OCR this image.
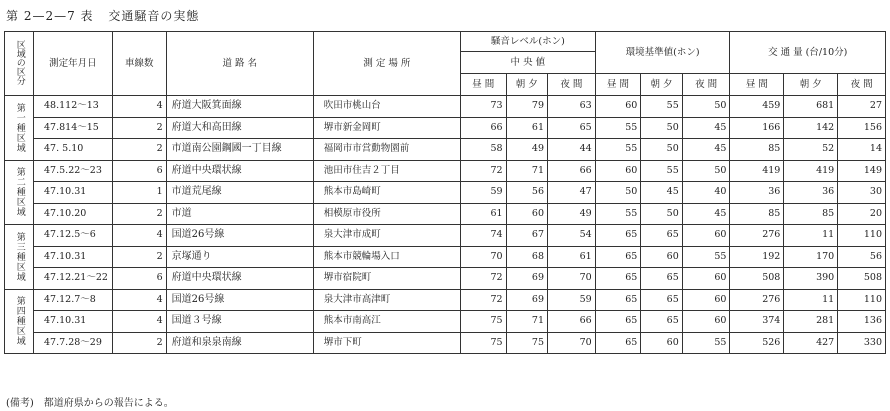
第 2—2—7 表 交通騒音の実態
区域の区分	測定年月日	車線数	道 路 名	測 定 場 所	騒音レベル(ホン)			環境基準値(ホン)			交 通 量 (台/10分)		
					中 央 値								
					昼 間	朝 夕	夜 間	昼 間	朝 夕	夜 間	昼 間	朝 夕	夜 間
第一種区域	48.112〜13	4	府道大阪箕面線	吹田市桃山台	73	79	63	60	55	50	459	681	27
	47.814〜15	2	府道大和高田線	堺市新金岡町	66	61	65	55	50	45	166	142	156
	47. 5.10	2	市道南公園鋼國一丁目線	福岡市市営動物園前	58	49	44	55	50	45	85	52	14
第二種区域	47.5.22〜23	6	府道中央環状線	池田市住吉２丁目	72	71	66	60	55	50	419	419	149
	47.10.31	1	市道荒尾線	熊本市島崎町	59	56	47	50	45	40	36	36	30
	47.10.20	2	市道	相模原市役所	61	60	49	55	50	45	85	85	20
第三種区域	47.12.5〜6	4	国道26号線	泉大津市成町	74	67	54	65	65	60	276	11	110
	47.10.31	2	京塚通り	熊本市競輪場入口	70	68	61	65	60	55	192	170	56
	47.12.21〜22	6	府道中央環状線	堺市宿院町	72	69	70	65	65	60	508	390	508
第四種区域	47.12.7〜8	4	国道26号線	泉大津市高津町	72	69	59	65	65	60	276	11	110
	47.10.31	4	国道３号線	熊本市南高江	75	71	66	65	65	60	374	281	136
	47.7.28〜29	2	府道和泉泉南線	堺市下町	75	75	70	65	60	55	526	427	330
(備考)　都道府県からの報告による。
